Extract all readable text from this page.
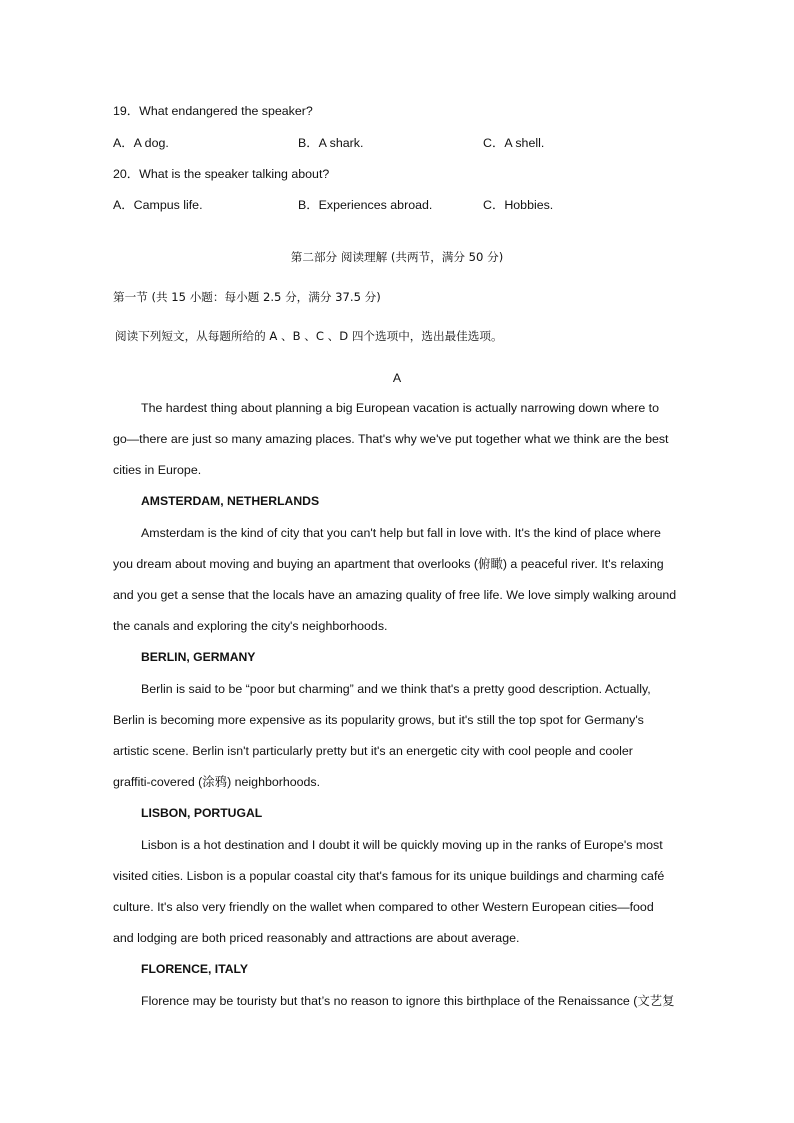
19．What endangered the speaker?
A．A dog.	B．A shark.	C．A shell.
20．What is the speaker talking about?
A．Campus life.	B．Experiences abroad.	C．Hobbies.
第二部分 阅读理解 (共两节，满分 50 分)
第一节 (共 15 小题：每小题 2.5 分，满分 37.5 分)
阅读下列短文，从每题所给的 A 、B 、C 、D 四个选项中，选出最佳选项。
A
The hardest thing about planning a big European vacation is actually narrowing down where to
go—there are just so many amazing places. That's why we've put together what we think are the best
cities in Europe.
AMSTERDAM, NETHERLANDS
Amsterdam is the kind of city that you can't help but fall in love with. It's the kind of place where
you dream about moving and buying an apartment that overlooks (俯瞰) a peaceful river. It's relaxing
and you get a sense that the locals have an amazing quality of free life. We love simply walking around
the canals and exploring the city's neighborhoods.
BERLIN, GERMANY
Berlin is said to be “poor but charming” and we think that's a pretty good description. Actually,
Berlin is becoming more expensive as its popularity grows, but it's still the top spot for Germany's
artistic scene. Berlin isn't particularly pretty but it's an energetic city with cool people and cooler
graffiti-covered (涂鸦) neighborhoods.
LISBON, PORTUGAL
Lisbon is a hot destination and I doubt it will be quickly moving up in the ranks of Europe's most
visited cities. Lisbon is a popular coastal city that's famous for its unique buildings and charming café
culture. It's also very friendly on the wallet when compared to other Western European cities—food
and lodging are both priced reasonably and attractions are about average.
FLORENCE, ITALY
Florence may be touristy but that’s no reason to ignore this birthplace of the Renaissance (文艺复
